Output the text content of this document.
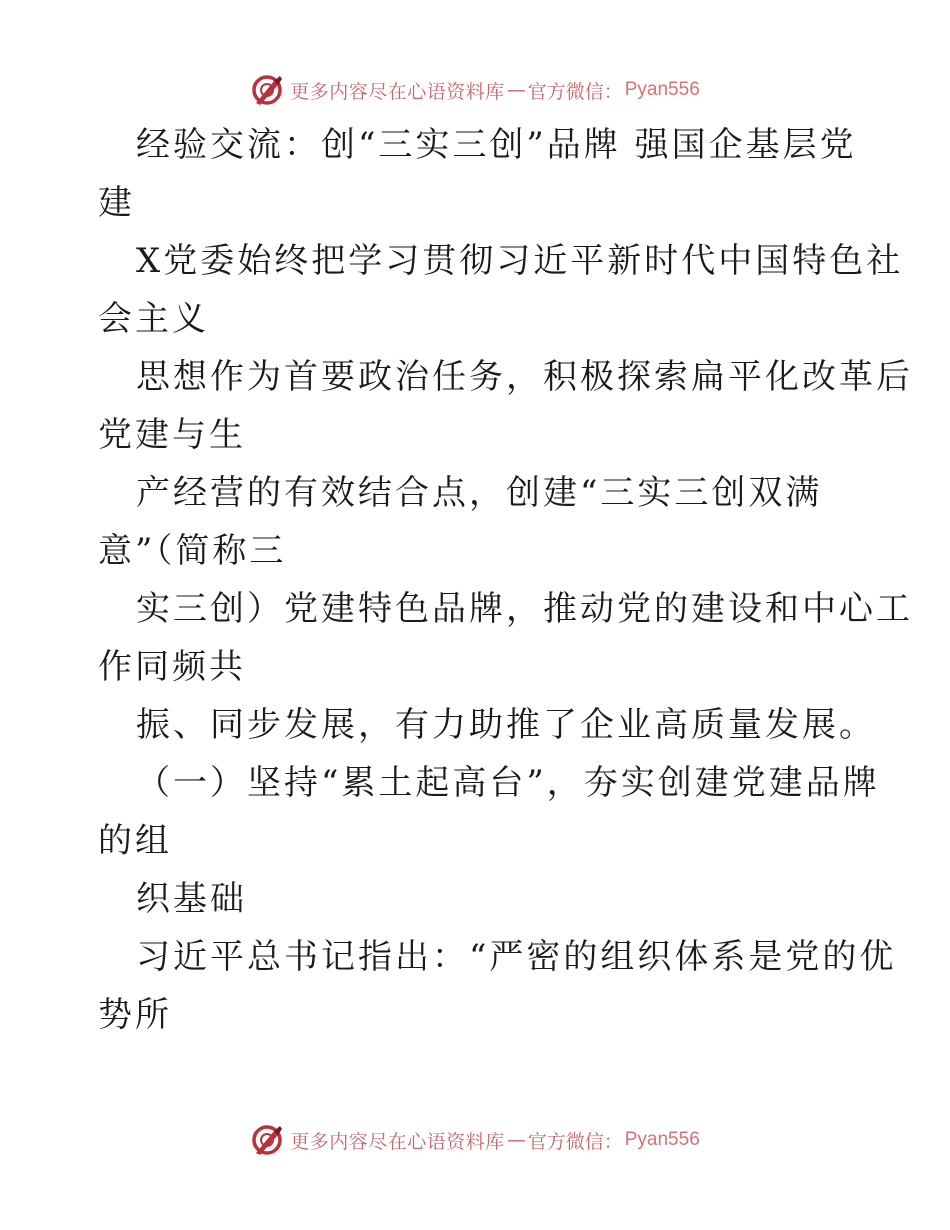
更多内容尽在心语资料库 — 官方微信： Pyan556
经验交流：创“三实三创”品牌 强国企基层党
建
X党委始终把学习贯彻习近平新时代中国特色社
会主义
思想作为首要政治任务，积极探索扁平化改革后
党建与生
产经营的有效结合点，创建“三实三创双满
意”（简称三
实三创）党建特色品牌，推动党的建设和中心工
作同频共
振、同步发展，有力助推了企业高质量发展。
（一）坚持“累土起高台”，夯实创建党建品牌
的组
织基础
习近平总书记指出：“严密的组织体系是党的优
势所
更多内容尽在心语资料库 — 官方微信： Pyan556
